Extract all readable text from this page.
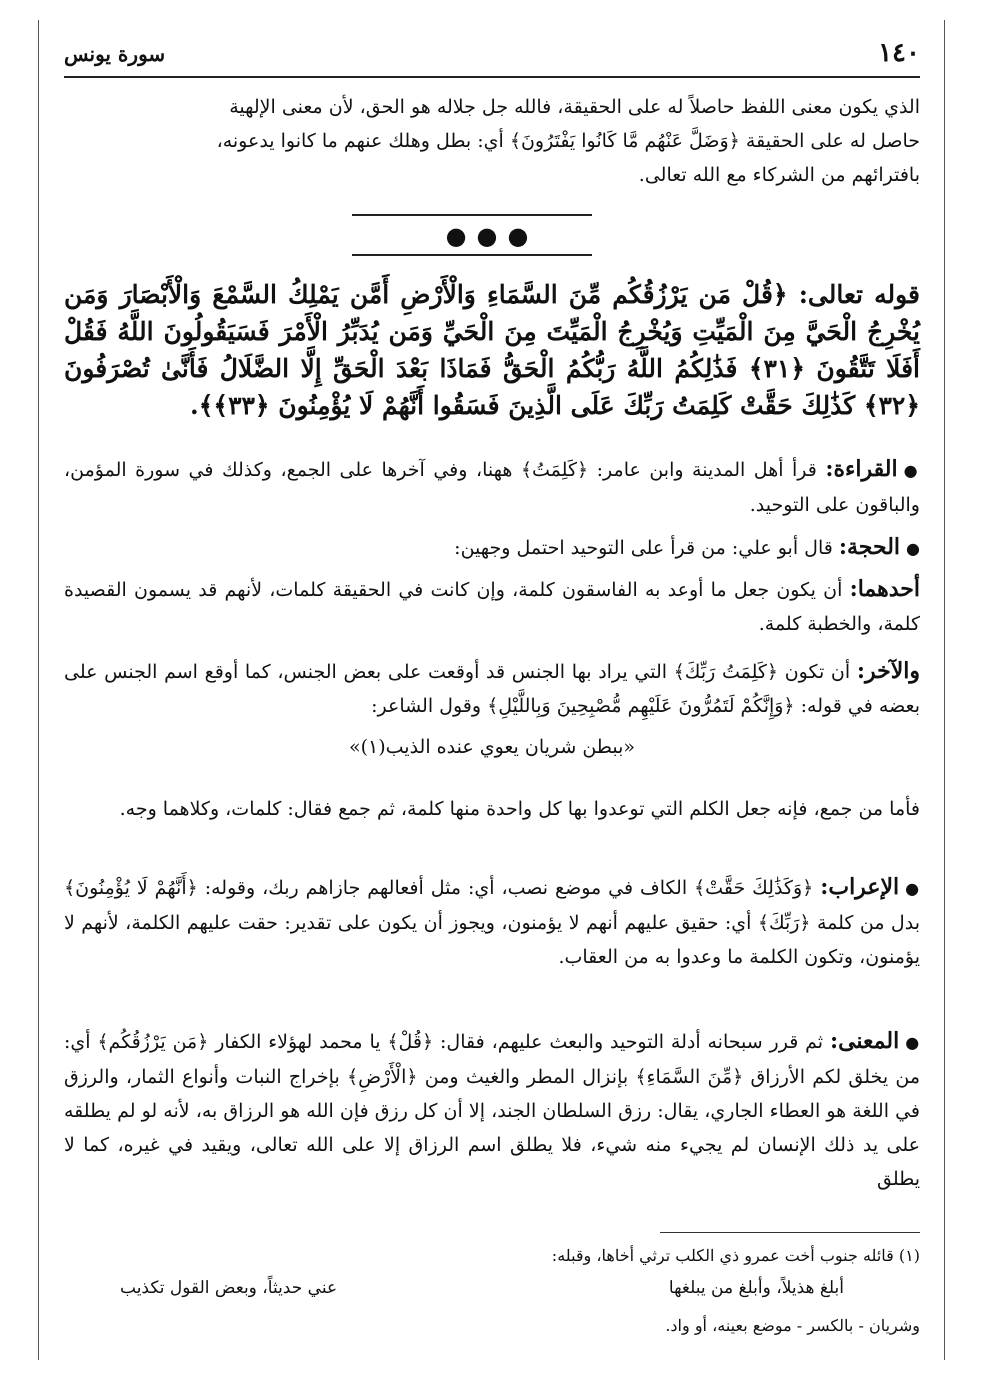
١٤٠
سورة يونس
الذي يكون معنى اللفظ حاصلاً له على الحقيقة، فالله جل جلاله هو الحق، لأن معنى الإلهية
حاصل له على الحقيقة ﴿وَضَلَّ عَنْهُم مَّا كَانُوا يَفْتَرُونَ﴾ أي: بطل وهلك عنهم ما كانوا يدعونه،
بافترائهم من الشركاء مع الله تعالى.
●●●
قوله تعالى: ﴿قُلْ مَن يَرْزُقُكُم مِّنَ السَّمَاءِ وَالْأَرْضِ أَمَّن يَمْلِكُ السَّمْعَ وَالْأَبْصَارَ وَمَن يُخْرِجُ الْحَيَّ مِنَ الْمَيِّتِ وَيُخْرِجُ الْمَيِّتَ مِنَ الْحَيِّ وَمَن يُدَبِّرُ الْأَمْرَ فَسَيَقُولُونَ اللَّهُ فَقُلْ أَفَلَا تَتَّقُونَ ﴿٣١﴾ فَذَٰلِكُمُ اللَّهُ رَبُّكُمُ الْحَقُّ فَمَاذَا بَعْدَ الْحَقِّ إِلَّا الضَّلَالُ فَأَنَّىٰ تُصْرَفُونَ ﴿٣٢﴾ كَذَٰلِكَ حَقَّتْ كَلِمَتُ رَبِّكَ عَلَى الَّذِينَ فَسَقُوا أَنَّهُمْ لَا يُؤْمِنُونَ ﴿٣٣﴾﴾.
●القراءة: قرأ أهل المدينة وابن عامر: ﴿كَلِمَتُ﴾ ههنا، وفي آخرها على الجمع، وكذلك في سورة المؤمن، والباقون على التوحيد.
●الحجة: قال أبو علي: من قرأ على التوحيد احتمل وجهين:
أحدهما: أن يكون جعل ما أوعد به الفاسقون كلمة، وإن كانت في الحقيقة كلمات، لأنهم قد يسمون القصيدة كلمة، والخطبة كلمة.
والآخر: أن تكون ﴿كَلِمَتُ رَبِّكَ﴾ التي يراد بها الجنس قد أوقعت على بعض الجنس، كما أوقع اسم الجنس على بعضه في قوله: ﴿وَإِنَّكُمْ لَتَمُرُّونَ عَلَيْهِم مُّصْبِحِينَ وَبِاللَّيْلِ﴾ وقول الشاعر:
«ببطن شريان يعوي عنده الذيب(١)»
فأما من جمع، فإنه جعل الكلم التي توعدوا بها كل واحدة منها كلمة، ثم جمع فقال: كلمات، وكلاهما وجه.
●الإعراب: ﴿وَكَذَٰلِكَ حَقَّتْ﴾ الكاف في موضع نصب، أي: مثل أفعالهم جازاهم ربك، وقوله: ﴿أَنَّهُمْ لَا يُؤْمِنُونَ﴾ بدل من كلمة ﴿رَبِّكَ﴾ أي: حقيق عليهم أنهم لا يؤمنون، ويجوز أن يكون على تقدير: حقت عليهم الكلمة، لأنهم لا يؤمنون، وتكون الكلمة ما وعدوا به من العقاب.
●المعنى: ثم قرر سبحانه أدلة التوحيد والبعث عليهم، فقال: ﴿قُلْ﴾ يا محمد لهؤلاء الكفار ﴿مَن يَرْزُقُكُم﴾ أي: من يخلق لكم الأرزاق ﴿مِّنَ السَّمَاءِ﴾ بإنزال المطر والغيث ومن ﴿الْأَرْضِ﴾ بإخراج النبات وأنواع الثمار، والرزق في اللغة هو العطاء الجاري، يقال: رزق السلطان الجند، إلا أن كل رزق فإن الله هو الرزاق به، لأنه لو لم يطلقه على يد ذلك الإنسان لم يجيء منه شيء، فلا يطلق اسم الرزاق إلا على الله تعالى، ويقيد في غيره، كما لا يطلق
(١) قائله جنوب أخت عمرو ذي الكلب ترثي أخاها، وقبله:
أبلغ هذيلاً، وأبلغ من يبلغها
عني حديثاً، وبعض القول تكذيب
وشريان - بالكسر - موضع بعينه، أو واد.
